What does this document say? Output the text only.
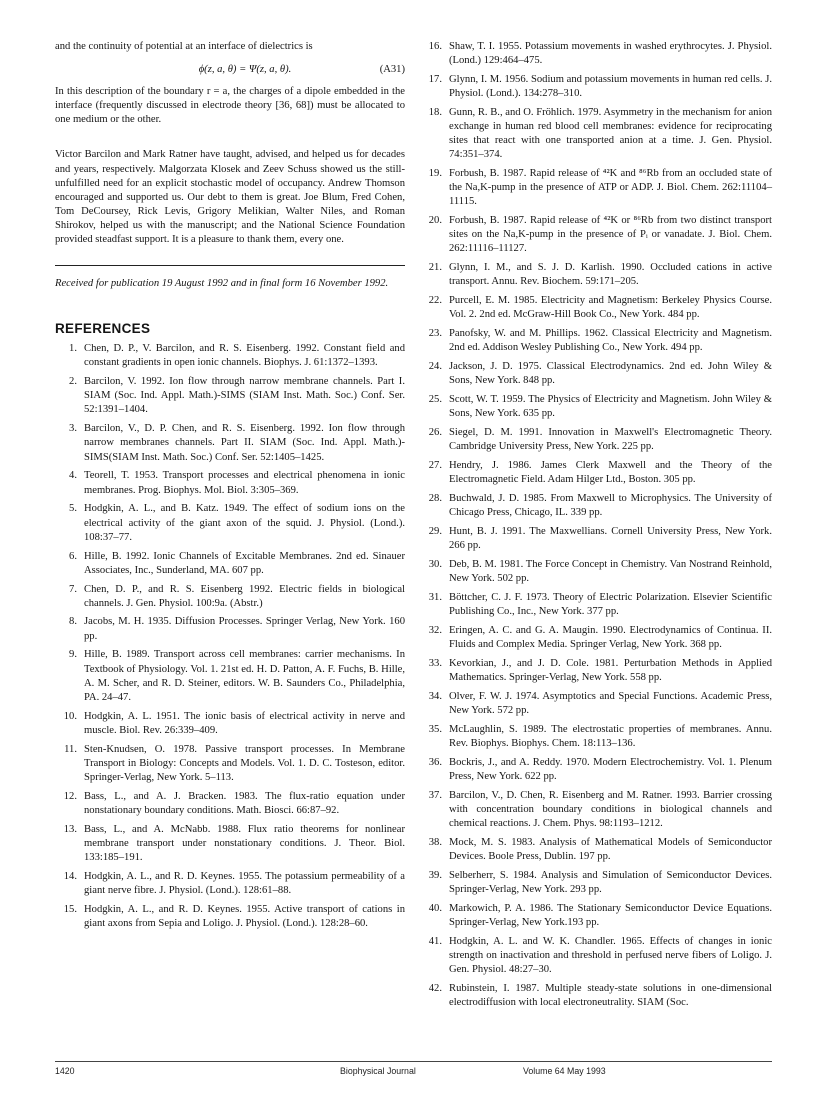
and the continuity of potential at an interface of dielectrics is

ϕ(z, a, θ) = Ψ(z, a, θ).	(A31)

In this description of the boundary r = a, the charges of a dipole embedded in the interface (frequently discussed in electrode theory [36, 68]) must be allocated to one medium or the other.

Victor Barcilon and Mark Ratner have taught, advised, and helped us for decades and years, respectively. Malgorzata Klosek and Zeev Schuss showed us the still-unfulfilled need for an explicit stochastic model of occupancy. Andrew Thomson encouraged and supported us. Our debt to them is great. Joe Blum, Fred Cohen, Tom DeCoursey, Rick Levis, Grigory Melikian, Walter Niles, and Roman Shirokov, helped us with the manuscript; and the National Science Foundation provided steadfast support. It is a pleasure to thank them, every one.

Received for publication 19 August 1992 and in final form 16 November 1992.

REFERENCES
1. Chen, D. P., V. Barcilon, and R. S. Eisenberg. 1992. Constant field and constant gradients in open ionic channels. Biophys. J. 61:1372–1393.
2. Barcilon, V. 1992. Ion flow through narrow membrane channels. Part I. SIAM (Soc. Ind. Appl. Math.)-SIMS (SIAM Inst. Math. Soc.) Conf. Ser. 52:1391–1404.
3. Barcilon, V., D. P. Chen, and R. S. Eisenberg. 1992. Ion flow through narrow membranes channels. Part II. SIAM (Soc. Ind. Appl. Math.)-SIMS(SIAM Inst. Math. Soc.) Conf. Ser. 52:1405–1425.
4. Teorell, T. 1953. Transport processes and electrical phenomena in ionic membranes. Prog. Biophys. Mol. Biol. 3:305–369.
5. Hodgkin, A. L., and B. Katz. 1949. The effect of sodium ions on the electrical activity of the giant axon of the squid. J. Physiol. (Lond.). 108:37–77.
6. Hille, B. 1992. Ionic Channels of Excitable Membranes. 2nd ed. Sinauer Associates, Inc., Sunderland, MA. 607 pp.
7. Chen, D. P., and R. S. Eisenberg 1992. Electric fields in biological channels. J. Gen. Physiol. 100:9a. (Abstr.)
8. Jacobs, M. H. 1935. Diffusion Processes. Springer Verlag, New York. 160 pp.
9. Hille, B. 1989. Transport across cell membranes: carrier mechanisms. In Textbook of Physiology. Vol. 1. 21st ed. H. D. Patton, A. F. Fuchs, B. Hille, A. M. Scher, and R. D. Steiner, editors. W. B. Saunders Co., Philadelphia, PA. 24–47.
10. Hodgkin, A. L. 1951. The ionic basis of electrical activity in nerve and muscle. Biol. Rev. 26:339–409.
11. Sten-Knudsen, O. 1978. Passive transport processes. In Membrane Transport in Biology: Concepts and Models. Vol. 1. D. C. Tosteson, editor. Springer-Verlag, New York. 5–113.
12. Bass, L., and A. J. Bracken. 1983. The flux-ratio equation under nonstationary boundary conditions. Math. Biosci. 66:87–92.
13. Bass, L., and A. McNabb. 1988. Flux ratio theorems for nonlinear membrane transport under nonstationary conditions. J. Theor. Biol. 133:185–191.
14. Hodgkin, A. L., and R. D. Keynes. 1955. The potassium permeability of a giant nerve fibre. J. Physiol. (Lond.). 128:61–88.
15. Hodgkin, A. L., and R. D. Keynes. 1955. Active transport of cations in giant axons from Sepia and Loligo. J. Physiol. (Lond.). 128:28–60.
16. Shaw, T. I. 1955. Potassium movements in washed erythrocytes. J. Physiol. (Lond.) 129:464–475.
17. Glynn, I. M. 1956. Sodium and potassium movements in human red cells. J. Physiol. (Lond.). 134:278–310.
18. Gunn, R. B., and O. Fröhlich. 1979. Asymmetry in the mechanism for anion exchange in human red blood cell membranes: evidence for reciprocating sites that react with one transported anion at a time. J. Gen. Physiol. 74:351–374.
19. Forbush, B. 1987. Rapid release of ⁴²K and ⁸⁶Rb from an occluded state of the Na,K-pump in the presence of ATP or ADP. J. Biol. Chem. 262:11104–11115.
20. Forbush, B. 1987. Rapid release of ⁴²K or ⁸⁶Rb from two distinct transport sites on the Na,K-pump in the presence of Pᵢ or vanadate. J. Biol. Chem. 262:11116–11127.
21. Glynn, I. M., and S. J. D. Karlish. 1990. Occluded cations in active transport. Annu. Rev. Biochem. 59:171–205.
22. Purcell, E. M. 1985. Electricity and Magnetism: Berkeley Physics Course. Vol. 2. 2nd ed. McGraw-Hill Book Co., New York. 484 pp.
23. Panofsky, W. and M. Phillips. 1962. Classical Electricity and Magnetism. 2nd ed. Addison Wesley Publishing Co., New York. 494 pp.
24. Jackson, J. D. 1975. Classical Electrodynamics. 2nd ed. John Wiley & Sons, New York. 848 pp.
25. Scott, W. T. 1959. The Physics of Electricity and Magnetism. John Wiley & Sons, New York. 635 pp.
26. Siegel, D. M. 1991. Innovation in Maxwell's Electromagnetic Theory. Cambridge University Press, New York. 225 pp.
27. Hendry, J. 1986. James Clerk Maxwell and the Theory of the Electromagnetic Field. Adam Hilger Ltd., Boston. 305 pp.
28. Buchwald, J. D. 1985. From Maxwell to Microphysics. The University of Chicago Press, Chicago, IL. 339 pp.
29. Hunt, B. J. 1991. The Maxwellians. Cornell University Press, New York. 266 pp.
30. Deb, B. M. 1981. The Force Concept in Chemistry. Van Nostrand Reinhold, New York. 502 pp.
31. Böttcher, C. J. F. 1973. Theory of Electric Polarization. Elsevier Scientific Publishing Co., Inc., New York. 377 pp.
32. Eringen, A. C. and G. A. Maugin. 1990. Electrodynamics of Continua. II. Fluids and Complex Media. Springer Verlag, New York. 368 pp.
33. Kevorkian, J., and J. D. Cole. 1981. Perturbation Methods in Applied Mathematics. Springer-Verlag, New York. 558 pp.
34. Olver, F. W. J. 1974. Asymptotics and Special Functions. Academic Press, New York. 572 pp.
35. McLaughlin, S. 1989. The electrostatic properties of membranes. Annu. Rev. Biophys. Biophys. Chem. 18:113–136.
36. Bockris, J., and A. Reddy. 1970. Modern Electrochemistry. Vol. 1. Plenum Press, New York. 622 pp.
37. Barcilon, V., D. Chen, R. Eisenberg and M. Ratner. 1993. Barrier crossing with concentration boundary conditions in biological channels and chemical reactions. J. Chem. Phys. 98:1193–1212.
38. Mock, M. S. 1983. Analysis of Mathematical Models of Semiconductor Devices. Boole Press, Dublin. 197 pp.
39. Selberherr, S. 1984. Analysis and Simulation of Semiconductor Devices. Springer-Verlag, New York. 293 pp.
40. Markowich, P. A. 1986. The Stationary Semiconductor Device Equations. Springer-Verlag, New York.193 pp.
41. Hodgkin, A. L. and W. K. Chandler. 1965. Effects of changes in ionic strength on inactivation and threshold in perfused nerve fibers of Loligo. J. Gen. Physiol. 48:27–30.
42. Rubinstein, I. 1987. Multiple steady-state solutions in one-dimensional electrodiffusion with local electroneutrality. SIAM (Soc.
1420	Biophysical Journal	Volume 64 May 1993
